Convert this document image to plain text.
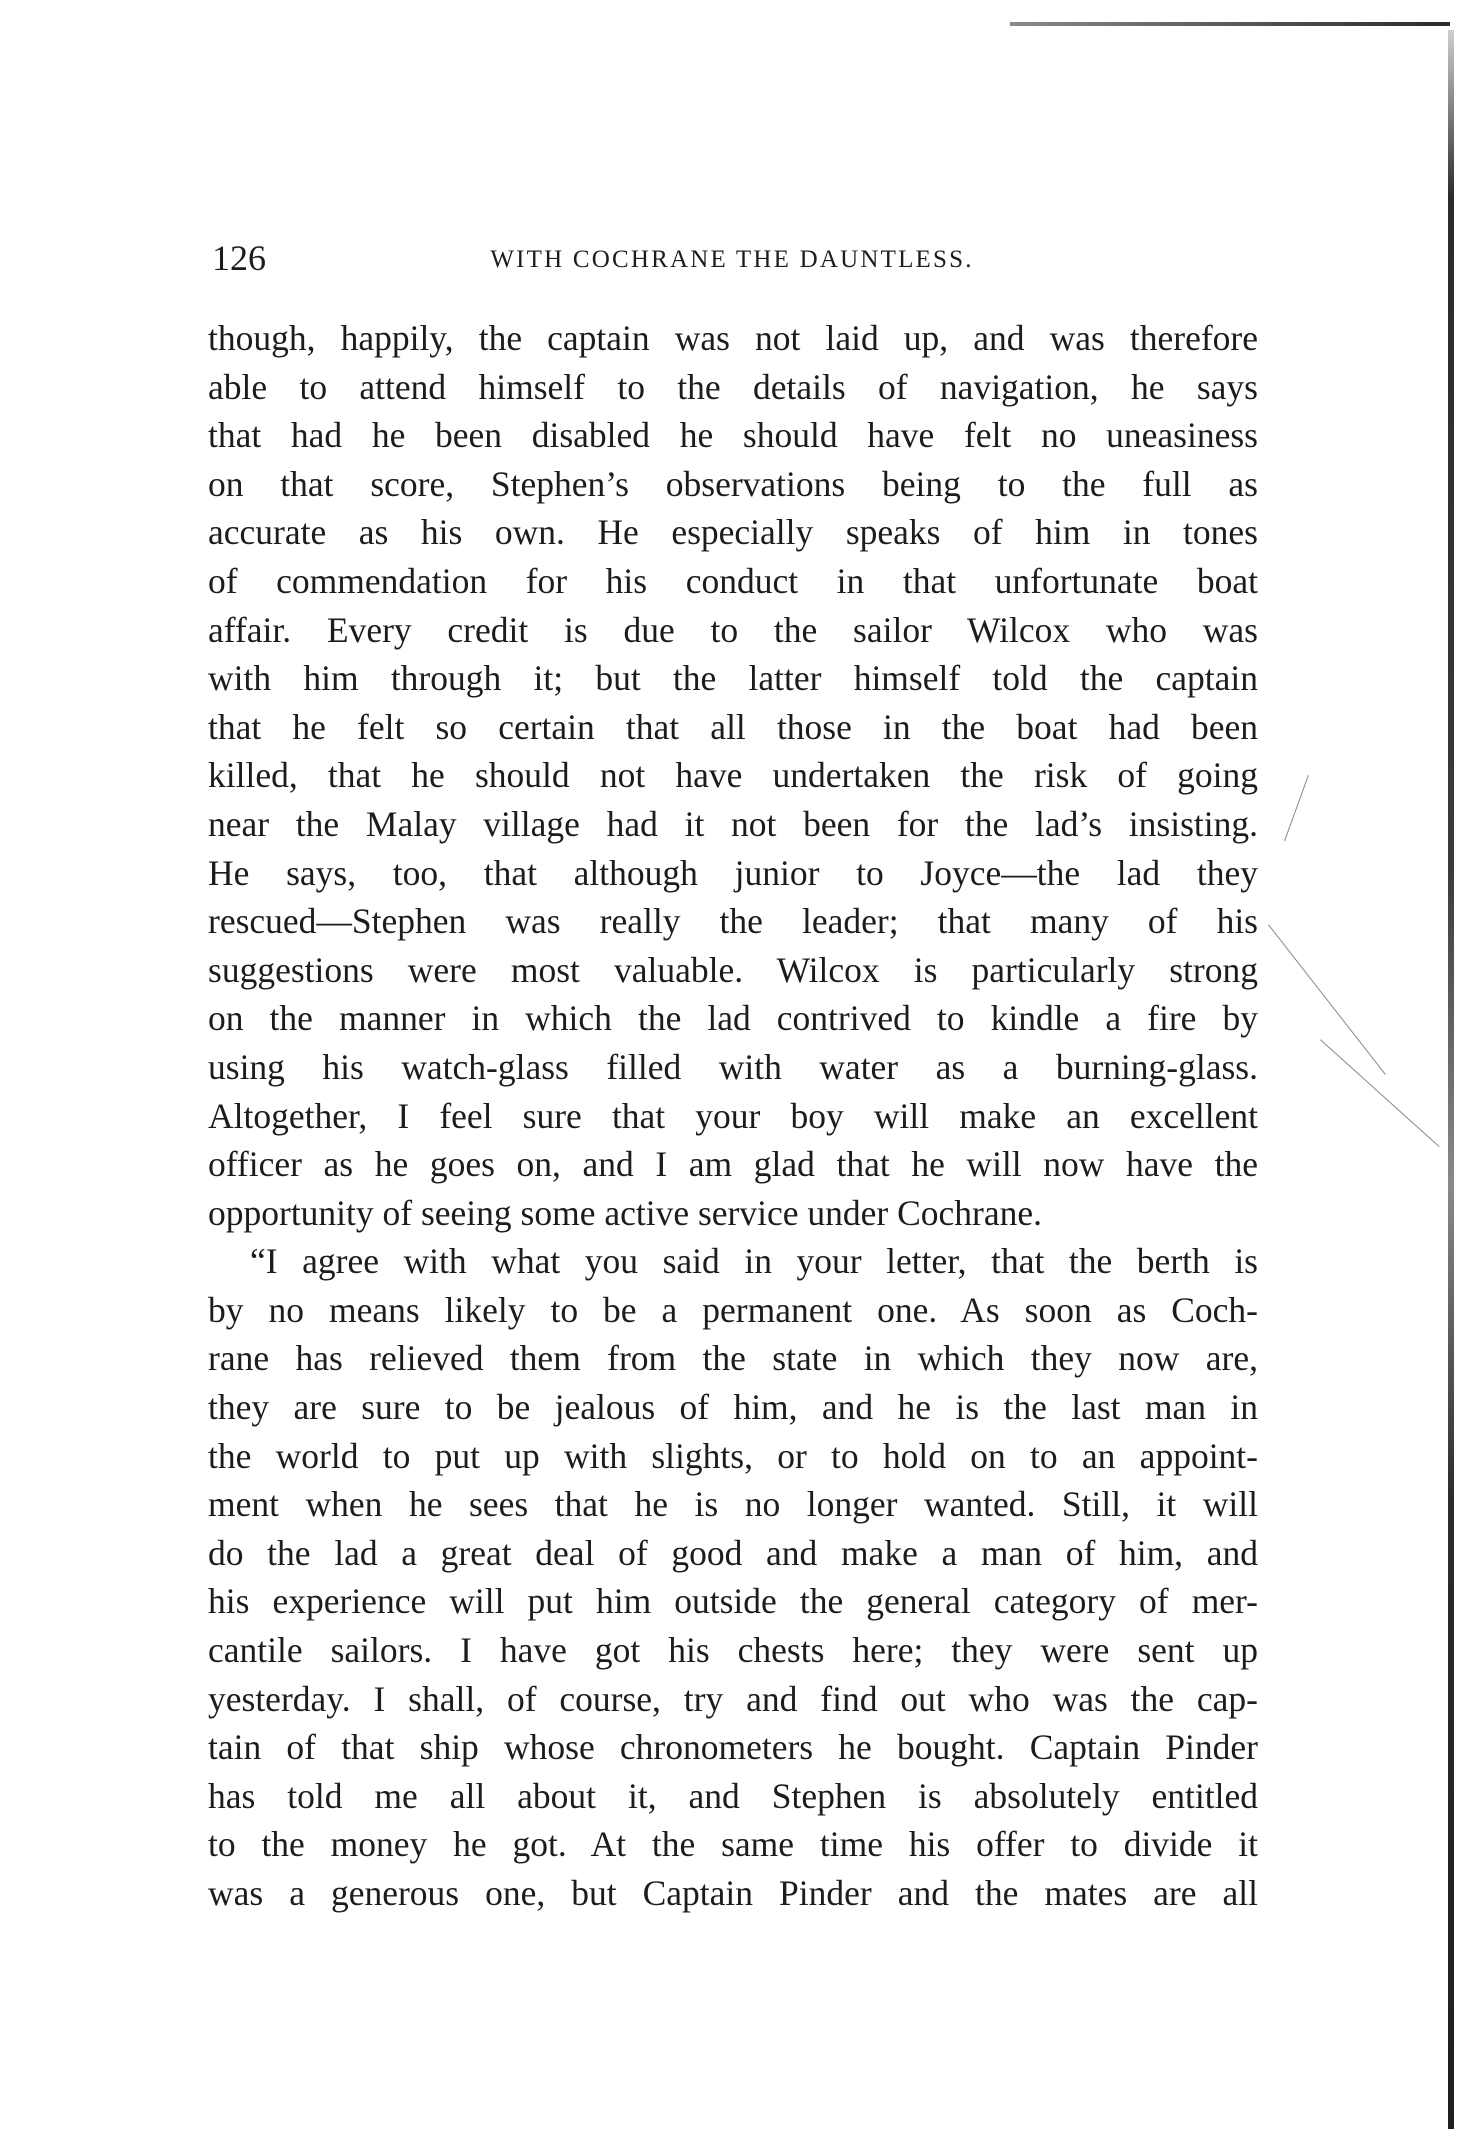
126	WITH COCHRANE THE DAUNTLESS.
though, happily, the captain was not laid up, and was therefore
able to attend himself to the details of navigation, he says
that had he been disabled he should have felt no uneasiness
on that score, Stephen’s observations being to the full as
accurate as his own. He especially speaks of him in tones
of commendation for his conduct in that unfortunate boat
affair. Every credit is due to the sailor Wilcox who was
with him through it; but the latter himself told the captain
that he felt so certain that all those in the boat had been
killed, that he should not have undertaken the risk of going
near the Malay village had it not been for the lad’s insisting.
He says, too, that although junior to Joyce—the lad they
rescued—Stephen was really the leader; that many of his
suggestions were most valuable. Wilcox is particularly strong
on the manner in which the lad contrived to kindle a fire by
using his watch-glass filled with water as a burning-glass.
Altogether, I feel sure that your boy will make an excellent
officer as he goes on, and I am glad that he will now have the
opportunity of seeing some active service under Cochrane.
“I agree with what you said in your letter, that the berth is
by no means likely to be a permanent one. As soon as Coch-
rane has relieved them from the state in which they now are,
they are sure to be jealous of him, and he is the last man in
the world to put up with slights, or to hold on to an appoint-
ment when he sees that he is no longer wanted. Still, it will
do the lad a great deal of good and make a man of him, and
his experience will put him outside the general category of mer-
cantile sailors. I have got his chests here; they were sent up
yesterday. I shall, of course, try and find out who was the cap-
tain of that ship whose chronometers he bought. Captain Pinder
has told me all about it, and Stephen is absolutely entitled
to the money he got. At the same time his offer to divide it
was a generous one, but Captain Pinder and the mates are all
